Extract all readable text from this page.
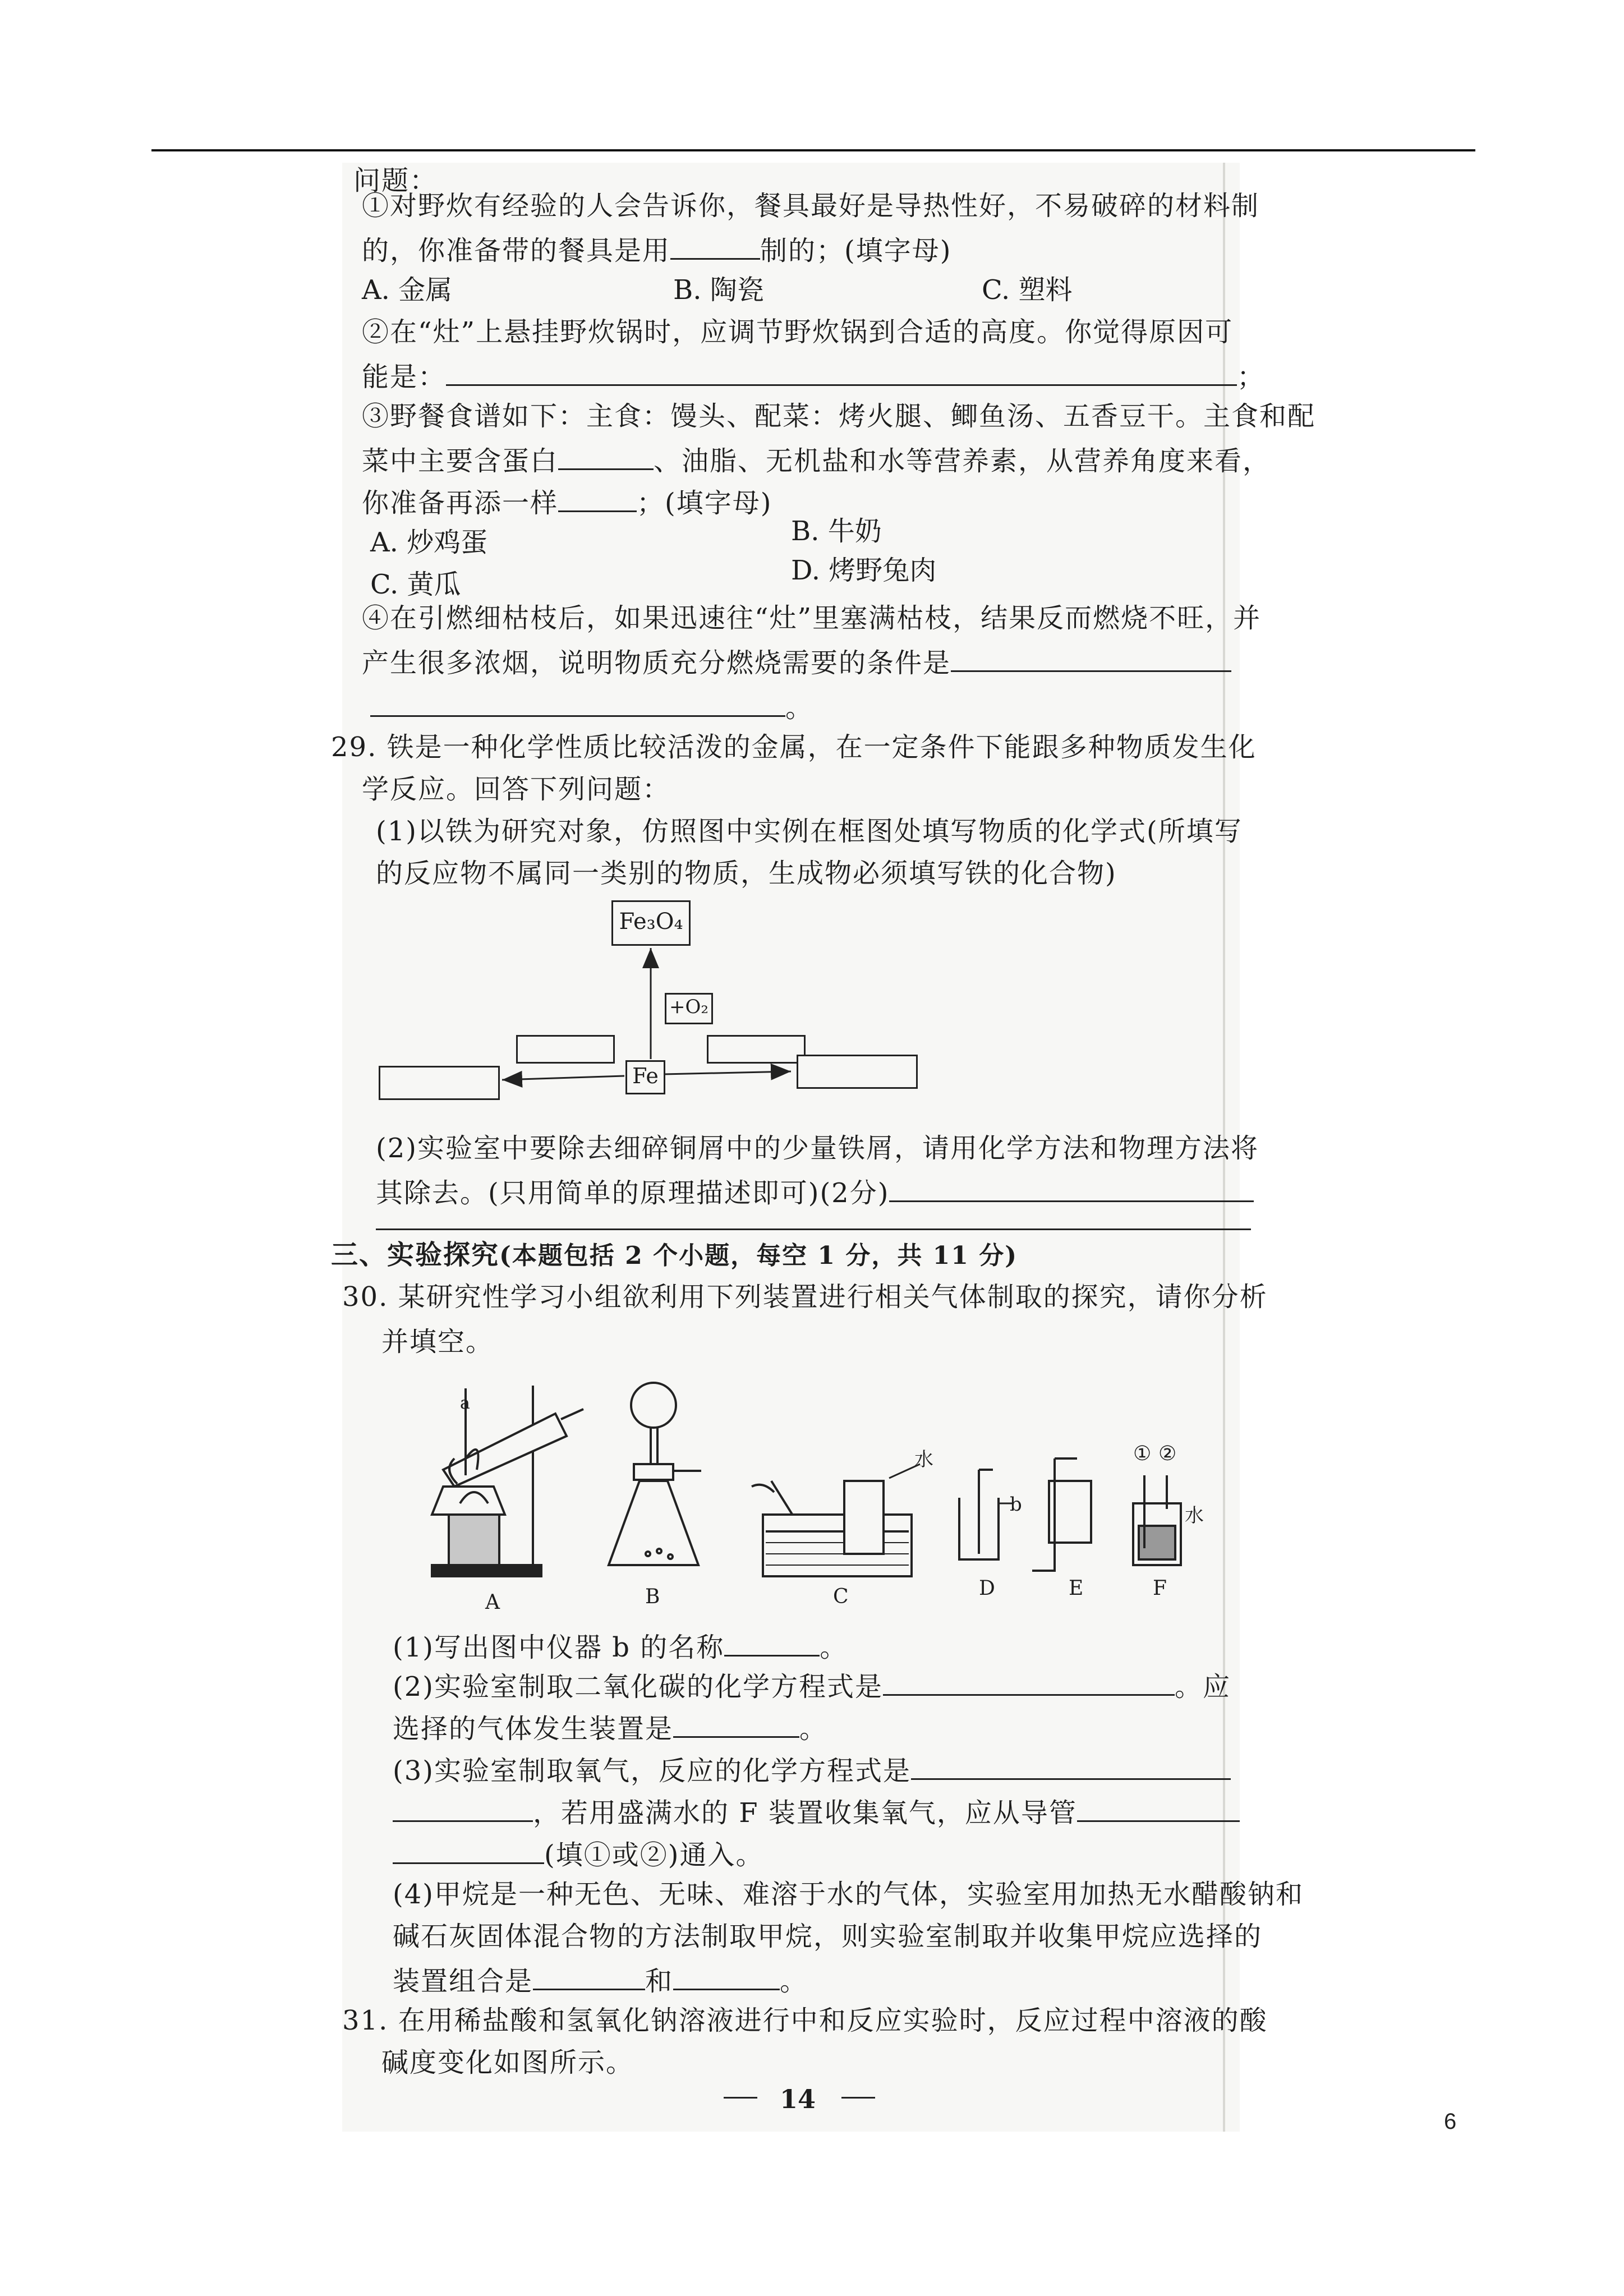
问题：
①对野炊有经验的人会告诉你，餐具最好是导热性好，不易破碎的材料制
的，你准备带的餐具是用	制的；(填字母)
A. 金属	B. 陶瓷	C. 塑料
②在“灶”上悬挂野炊锅时，应调节野炊锅到合适的高度。你觉得原因可
能是：	；
③野餐食谱如下：主食：馒头、配菜：烤火腿、鲫鱼汤、五香豆干。主食和配
菜中主要含蛋白	、油脂、无机盐和水等营养素，从营养角度来看，
你准备再添一样	；(填字母)
A. 炒鸡蛋	B. 牛奶
C. 黄瓜	D. 烤野兔肉
④在引燃细枯枝后，如果迅速往“灶”里塞满枯枝，结果反而燃烧不旺，并
产生很多浓烟，说明物质充分燃烧需要的条件是
。
29. 铁是一种化学性质比较活泼的金属，在一定条件下能跟多种物质发生化
学反应。回答下列问题：
(1)以铁为研究对象，仿照图中实例在框图处填写物质的化学式(所填写
的反应物不属同一类别的物质，生成物必须填写铁的化合物)
Fe₃O₄
+O₂
Fe
(2)实验室中要除去细碎铜屑中的少量铁屑，请用化学方法和物理方法将
其除去。(只用简单的原理描述即可)(2分)
三、实验探究(本题包括 2 个小题，每空 1 分，共 11 分)
30. 某研究性学习小组欲利用下列装置进行相关气体制取的探究，请你分析
并填空。
a
b
水
水
① ②
A	B	C	D	E	F
(1)写出图中仪器 b 的名称	。
(2)实验室制取二氧化碳的化学方程式是	。应
选择的气体发生装置是	。
(3)实验室制取氧气，反应的化学方程式是
，若用盛满水的 F 装置收集氧气，应从导管
(填①或②)通入。
(4)甲烷是一种无色、无味、难溶于水的气体，实验室用加热无水醋酸钠和
碱石灰固体混合物的方法制取甲烷，则实验室制取并收集甲烷应选择的
装置组合是	和	。
31. 在用稀盐酸和氢氧化钠溶液进行中和反应实验时，反应过程中溶液的酸
碱度变化如图所示。
14
6
